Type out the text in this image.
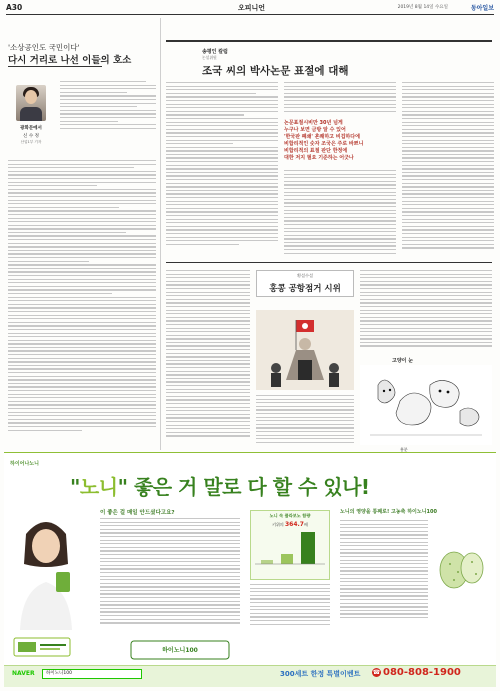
A30	오피니언	2019년 8월 14일 수요일	동아일보
'소상공인도 국민이다'
다시 거리로 나선 이들의 호소
광화문에서
신 수 정
산업1부 기자
송평인 칼럼
논설위원
조국 씨의 박사논문 표절에 대해
논문표절시비만 30년 넘게
누구나 보면 금방 알 수 있어
'한국판 폐쇄' 흔쾌하고 비겁하다에
비합리적인 숫자 조국은 주로 바쁘니
비합리적의 표절 판단 한정에
대한 저지 필요 기준하는 어긋나
횡설수설
홍콩 공항점거 시위
고양이 눈
흥분
하이어나노니
"노니" 좋은 거 말로 다 할 수 있나!
이 좋은 걸 매일 안드셨다고요?	노니 속 플라보노 함량
키위의 364.7배
노니의 영양을 통째로! 고농축 하이노니100
하이노니100
NAVER	하이노니100	300세트 한정 특별이벤트 ☎ 080-808-1900
